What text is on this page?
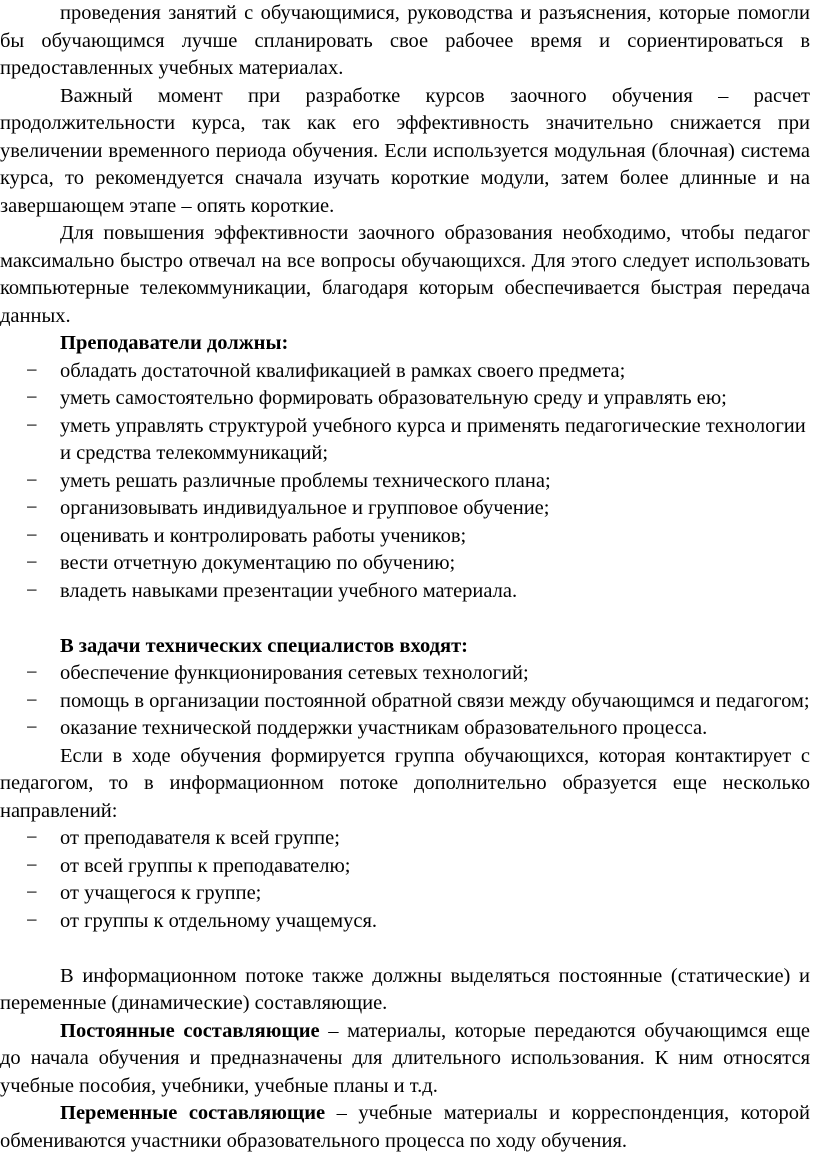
проведения занятий с обучающимися, руководства и разъяснения, которые помогли бы обучающимся лучше спланировать свое рабочее время и сориентироваться в предоставленных учебных материалах.

Важный момент при разработке курсов заочного обучения – расчет продолжительности курса, так как его эффективность значительно снижается при увеличении временного периода обучения. Если используется модульная (блочная) система курса, то рекомендуется сначала изучать короткие модули, затем более длинные и на завершающем этапе – опять короткие.

Для повышения эффективности заочного образования необходимо, чтобы педагог максимально быстро отвечал на все вопросы обучающихся. Для этого следует использовать компьютерные телекоммуникации, благодаря которым обеспечивается быстрая передача данных.

Преподаватели должны:

− обладать достаточной квалификацией в рамках своего предмета;
− уметь самостоятельно формировать образовательную среду и управлять ею;
− уметь управлять структурой учебного курса и применять педагогические технологии и средства телекоммуникаций;
− уметь решать различные проблемы технического плана;
− организовывать индивидуальное и групповое обучение;
− оценивать и контролировать работы учеников;
− вести отчетную документацию по обучению;
− владеть навыками презентации учебного материала.

В задачи технических специалистов входят:

− обеспечение функционирования сетевых технологий;
− помощь в организации постоянной обратной связи между обучающимся и педагогом;
− оказание технической поддержки участникам образовательного процесса.

Если в ходе обучения формируется группа обучающихся, которая контактирует с педагогом, то в информационном потоке дополнительно образуется еще несколько направлений:

− от преподавателя к всей группе;
− от всей группы к преподавателю;
− от учащегося к группе;
− от группы к отдельному учащемуся.

В информационном потоке также должны выделяться постоянные (статические) и переменные (динамические) составляющие.

Постоянные составляющие – материалы, которые передаются обучающимся еще до начала обучения и предназначены для длительного использования. К ним относятся учебные пособия, учебники, учебные планы и т.д.

Переменные составляющие – учебные материалы и корреспонденция, которой обмениваются участники образовательного процесса по ходу обучения.
